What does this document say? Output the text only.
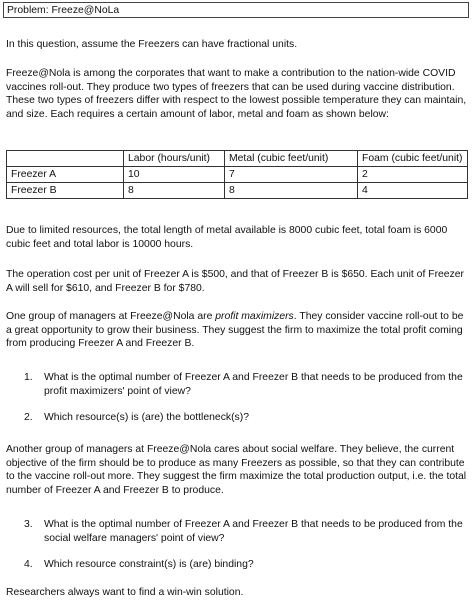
Problem: Freeze@NoLa

In this question, assume the Freezers can have fractional units.

Freeze@Nola is among the corporates that want to make a contribution to the nation-wide COVID vaccines roll-out. They produce two types of freezers that can be used during vaccine distribution. These two types of freezers differ with respect to the lowest possible temperature they can maintain, and size. Each requires a certain amount of labor, metal and foam as shown below:

	Labor (hours/unit)	Metal (cubic feet/unit)	Foam (cubic feet/unit)
Freezer A	10	7	2
Freezer B	8	8	4

Due to limited resources, the total length of metal available is 8000 cubic feet, total foam is 6000 cubic feet and total labor is 10000 hours.

The operation cost per unit of Freezer A is $500, and that of Freezer B is $650. Each unit of Freezer A will sell for $610, and Freezer B for $780.

One group of managers at Freeze@Nola are profit maximizers. They consider vaccine roll-out to be a great opportunity to grow their business. They suggest the firm to maximize the total profit coming from producing Freezer A and Freezer B.

1. What is the optimal number of Freezer A and Freezer B that needs to be produced from the profit maximizers' point of view?
2. Which resource(s) is (are) the bottleneck(s)?

Another group of managers at Freeze@Nola cares about social welfare. They believe, the current objective of the firm should be to produce as many Freezers as possible, so that they can contribute to the vaccine roll-out more. They suggest the firm maximize the total production output, i.e. the total number of Freezer A and Freezer B to produce.

3. What is the optimal number of Freezer A and Freezer B that needs to be produced from the social welfare managers' point of view?
4. Which resource constraint(s) is (are) binding?

Researchers always want to find a win-win solution.
